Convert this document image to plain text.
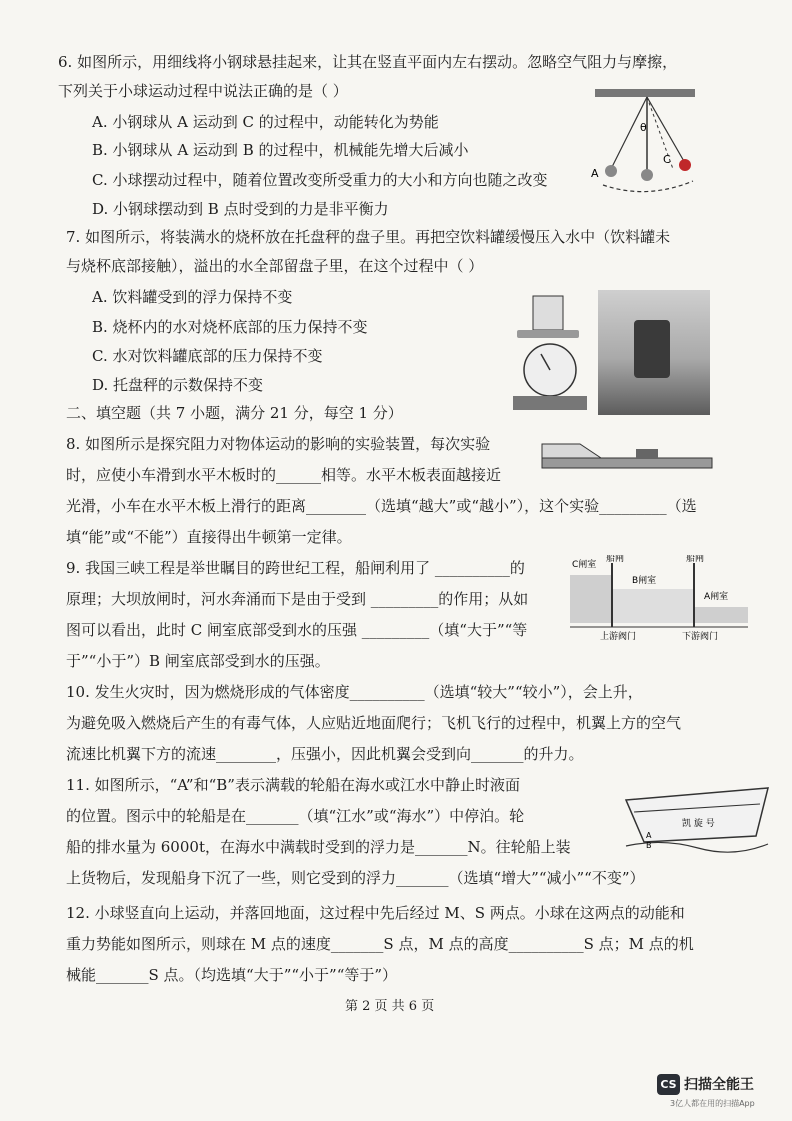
6. 如图所示，用细线将小钢球悬挂起来，让其在竖直平面内左右摆动。忽略空气阻力与摩擦，
下列关于小球运动过程中说法正确的是（ ）
A. 小钢球从 A 运动到 C 的过程中，动能转化为势能
B. 小钢球从 A 运动到 B 的过程中，机械能先增大后减小
C. 小球摆动过程中，随着位置改变所受重力的大小和方向也随之改变
D. 小钢球摆动到 B 点时受到的力是非平衡力
7. 如图所示，将装满水的烧杯放在托盘秤的盘子里。再把空饮料罐缓慢压入水中（饮料罐未
与烧杯底部接触），溢出的水全部留盘子里，在这个过程中（ ）
A. 饮料罐受到的浮力保持不变
B. 烧杯内的水对烧杯底部的压力保持不变
C. 水对饮料罐底部的压力保持不变
D. 托盘秤的示数保持不变
二、填空题（共 7 小题，满分 21 分，每空 1 分）
8. 如图所示是探究阻力对物体运动的影响的实验装置，每次实验
时，应使小车滑到水平木板时的______相等。水平木板表面越接近
光滑，小车在水平木板上滑行的距离________（选填“越大”或“越小”），这个实验_________（选
填“能”或“不能”）直接得出牛顿第一定律。
9. 我国三峡工程是举世瞩目的跨世纪工程，船闸利用了 __________的
原理；大坝放闸时，河水奔涌而下是由于受到 _________的作用；从如
图可以看出，此时 C 闸室底部受到水的压强 _________（填“大于”“等
于”“小于”）B 闸室底部受到水的压强。
10. 发生火灾时，因为燃烧形成的气体密度__________（选填“较大”“较小”），会上升，
为避免吸入燃烧后产生的有毒气体，人应贴近地面爬行；飞机飞行的过程中，机翼上方的空气
流速比机翼下方的流速________，压强小，因此机翼会受到向_______的升力。
11. 如图所示，“A”和“B”表示满载的轮船在海水或江水中静止时液面
的位置。图示中的轮船是在_______（填“江水”或“海水”）中停泊。轮
船的排水量为 6000t，在海水中满载时受到的浮力是_______N。往轮船上装
上货物后，发现船身下沉了一些，则它受到的浮力_______（选填“增大”“减小”“不变”）
12. 小球竖直向上运动，并落回地面，这过程中先后经过 M、S 两点。小球在这两点的动能和
重力势能如图所示，则球在 M 点的速度_______S 点，M 点的高度__________S 点；M 点的机
械能_______S 点。（均选填“大于”“小于”“等于”）
第 2 页 共 6 页
θ
A
C
C闸室
船闸	船闸
B闸室
A闸室
上游阀门	下游阀门
凯 旋 号
A
B
CS 扫描全能王
3亿人都在用的扫描App
